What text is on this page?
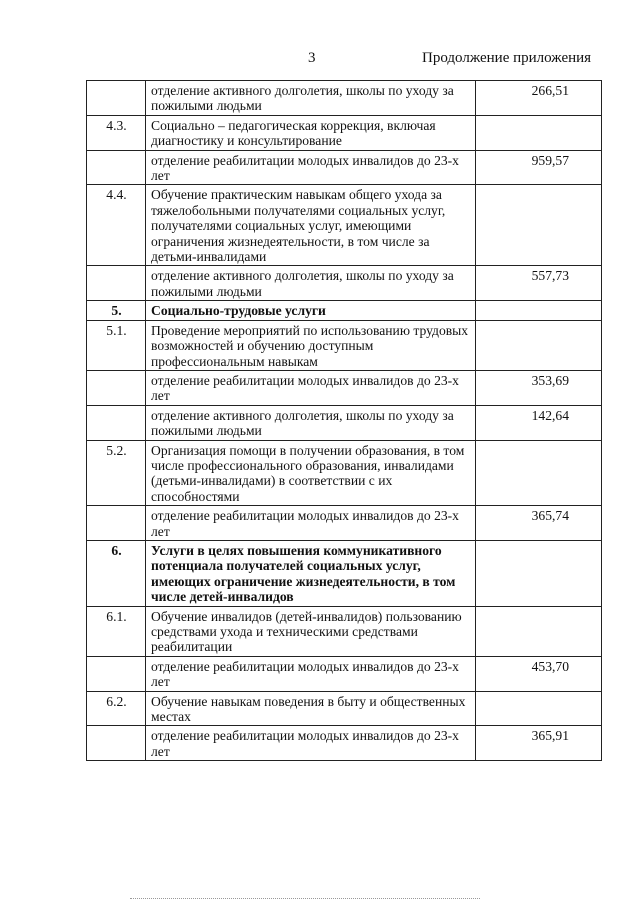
3	Продолжение приложения
	отделение активного долголетия, школы по уходу за пожилыми людьми	266,51
4.3.	Социально – педагогическая коррекция, включая диагностику и консультирование	
	отделение реабилитации молодых инвалидов до 23-х лет	959,57
4.4.	Обучение практическим навыкам общего ухода за тяжелобольными получателями социальных услуг, получателями социальных услуг, имеющими ограничения жизнедеятельности, в том числе за детьми-инвалидами	
	отделение активного долголетия, школы по уходу за пожилыми людьми	557,73
5.	Социально-трудовые услуги	
5.1.	Проведение мероприятий по использованию трудовых возможностей и обучению доступным профессиональным навыкам	
	отделение реабилитации молодых инвалидов до 23-х лет	353,69
	отделение активного долголетия, школы по уходу за пожилыми людьми	142,64
5.2.	Организация помощи в получении образования, в том числе профессионального образования, инвалидами (детьми-инвалидами) в соответствии с их способностями	
	отделение реабилитации молодых инвалидов до 23-х лет	365,74
6.	Услуги в целях повышения коммуникативного потенциала получателей социальных услуг, имеющих ограничение жизнедеятельности, в том числе детей-инвалидов	
6.1.	Обучение инвалидов (детей-инвалидов) пользованию средствами ухода и техническими средствами реабилитации	
	отделение реабилитации молодых инвалидов до 23-х лет	453,70
6.2.	Обучение навыкам поведения в быту и общественных местах	
	отделение реабилитации молодых инвалидов до 23-х лет	365,91
